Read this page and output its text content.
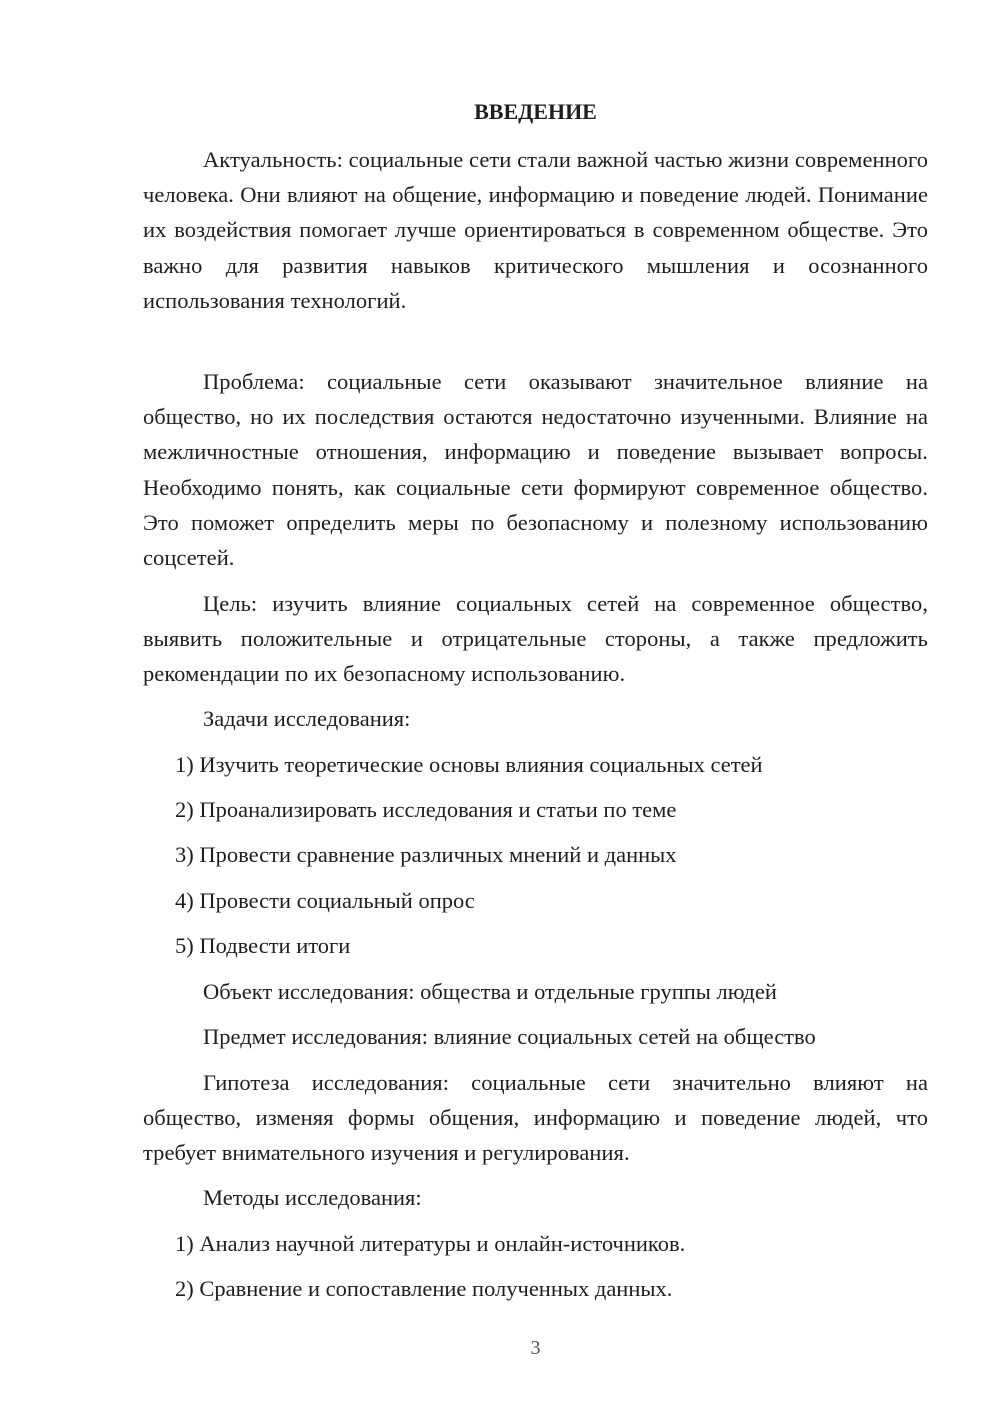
ВВЕДЕНИЕ

Актуальность: социальные сети стали важной частью жизни современного человека. Они влияют на общение, информацию и поведение людей. Понимание их воздействия помогает лучше ориентироваться в современном обществе. Это важно для развития навыков критического мышления и осознанного использования технологий.

Проблема: социальные сети оказывают значительное влияние на общество, но их последствия остаются недостаточно изученными. Влияние на межличностные отношения, информацию и поведение вызывает вопросы. Необходимо понять, как социальные сети формируют современное общество. Это поможет определить меры по безопасному и полезному использованию соцсетей.

Цель: изучить влияние социальных сетей на современное общество, выявить положительные и отрицательные стороны, а также предложить рекомендации по их безопасному использованию.

Задачи исследования:

1) Изучить теоретические основы влияния социальных сетей

2) Проанализировать исследования и статьи по теме

3) Провести сравнение различных мнений и данных

4) Провести социальный опрос

5) Подвести итоги

Объект исследования: общества и отдельные группы людей

Предмет исследования: влияние социальных сетей на общество

Гипотеза исследования: социальные сети значительно влияют на общество, изменяя формы общения, информацию и поведение людей, что требует внимательного изучения и регулирования.

Методы исследования:

1) Анализ научной литературы и онлайн-источников.

2) Сравнение и сопоставление полученных данных.

3
